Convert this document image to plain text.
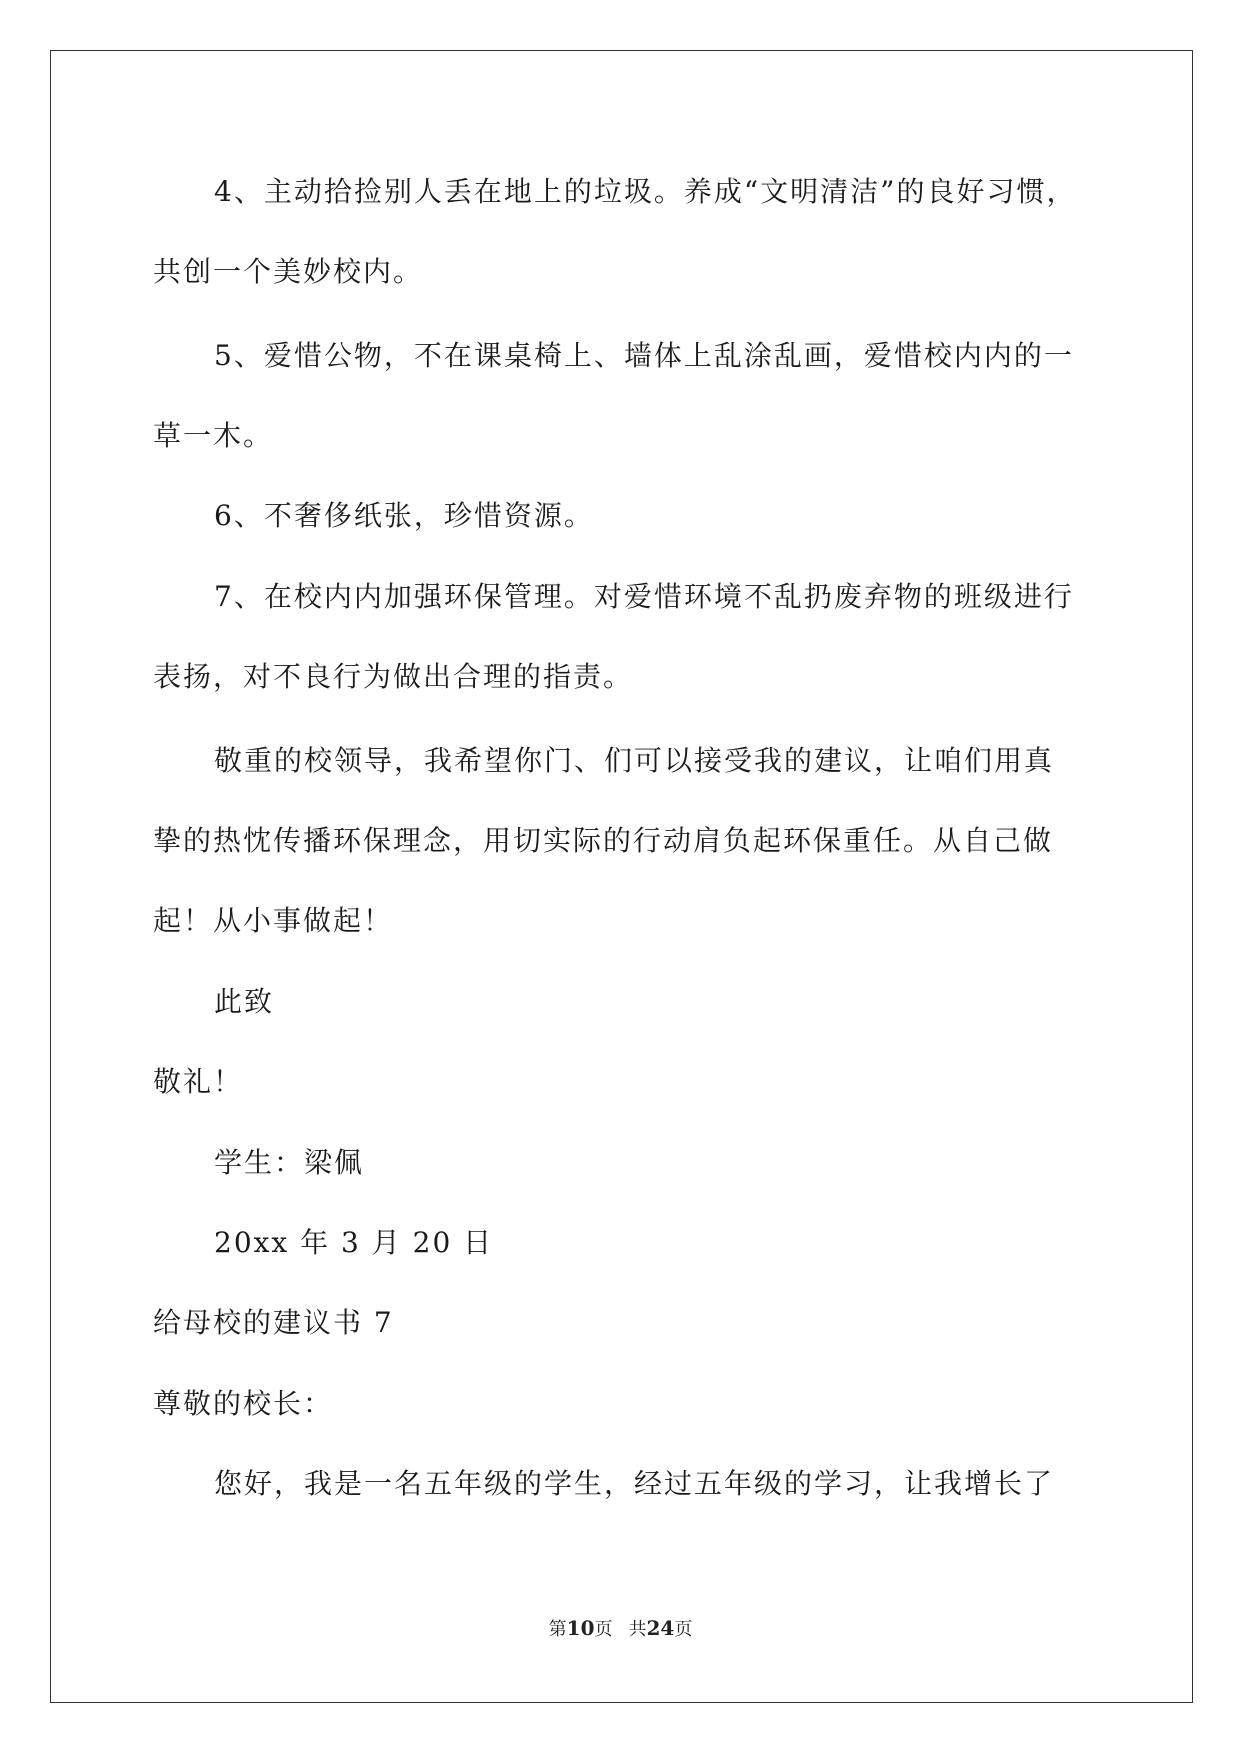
4、主动拾捡别人丢在地上的垃圾。养成“文明清洁”的良好习惯，
共创一个美妙校内。
5、爱惜公物，不在课桌椅上、墙体上乱涂乱画，爱惜校内内的一
草一木。
6、不奢侈纸张，珍惜资源。
7、在校内内加强环保管理。对爱惜环境不乱扔废弃物的班级进行
表扬，对不良行为做出合理的指责。
敬重的校领导，我希望你门、们可以接受我的建议，让咱们用真
挚的热忱传播环保理念，用切实际的行动肩负起环保重任。从自己做
起！从小事做起！
此致
敬礼！
学生：梁佩
20xx 年 3 月 20 日
给母校的建议书 7
尊敬的校长：
您好，我是一名五年级的学生，经过五年级的学习，让我增长了
第10页 共24页
